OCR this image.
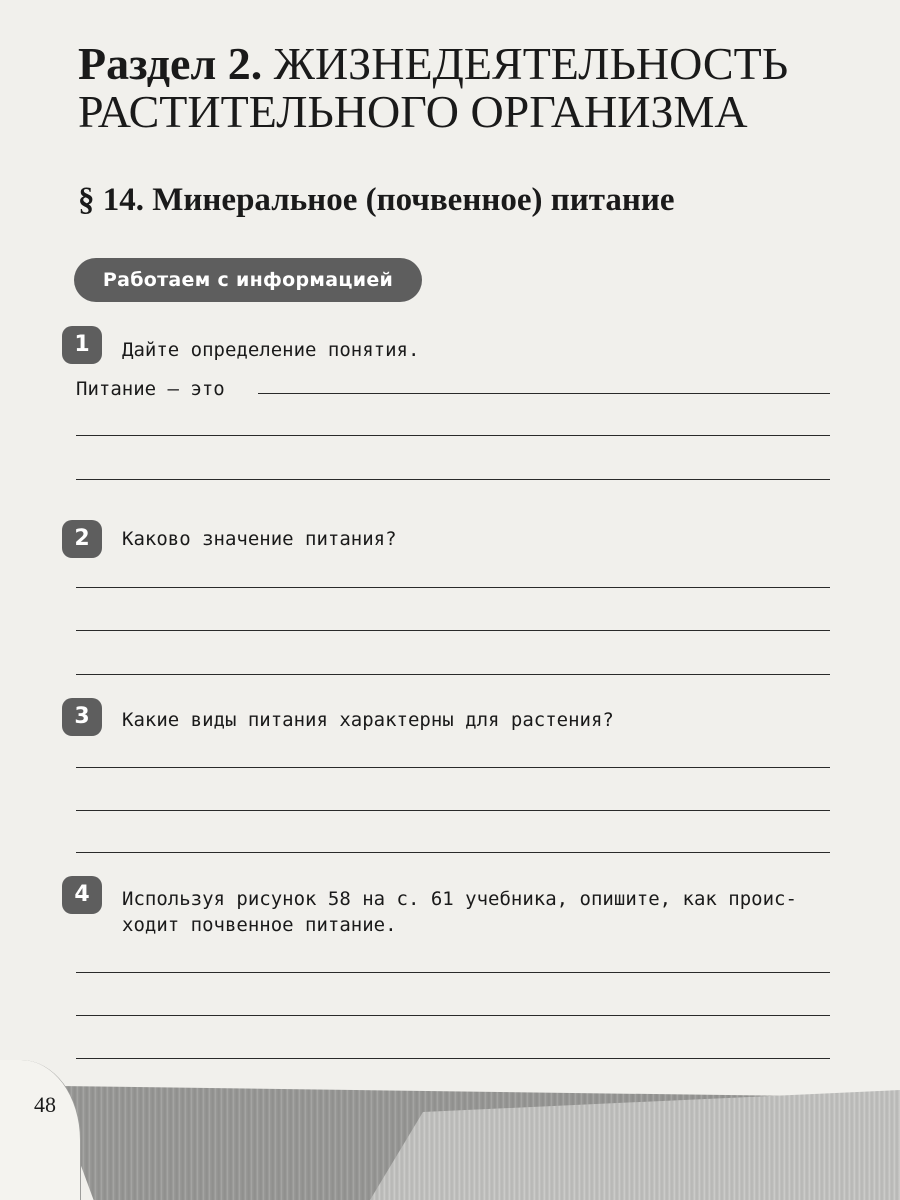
Раздел 2. ЖИЗНЕДЕЯТЕЛЬНОСТЬ РАСТИТЕЛЬНОГО ОРГАНИЗМА
§ 14. Минеральное (почвенное) питание
Работаем с информацией
1	Дайте определение понятия.
Питание — это
2	Каково значение питания?
3	Какие виды питания характерны для растения?
4	Используя рисунок 58 на с. 61 учебника, опишите, как проис-
ходит почвенное питание.
48
